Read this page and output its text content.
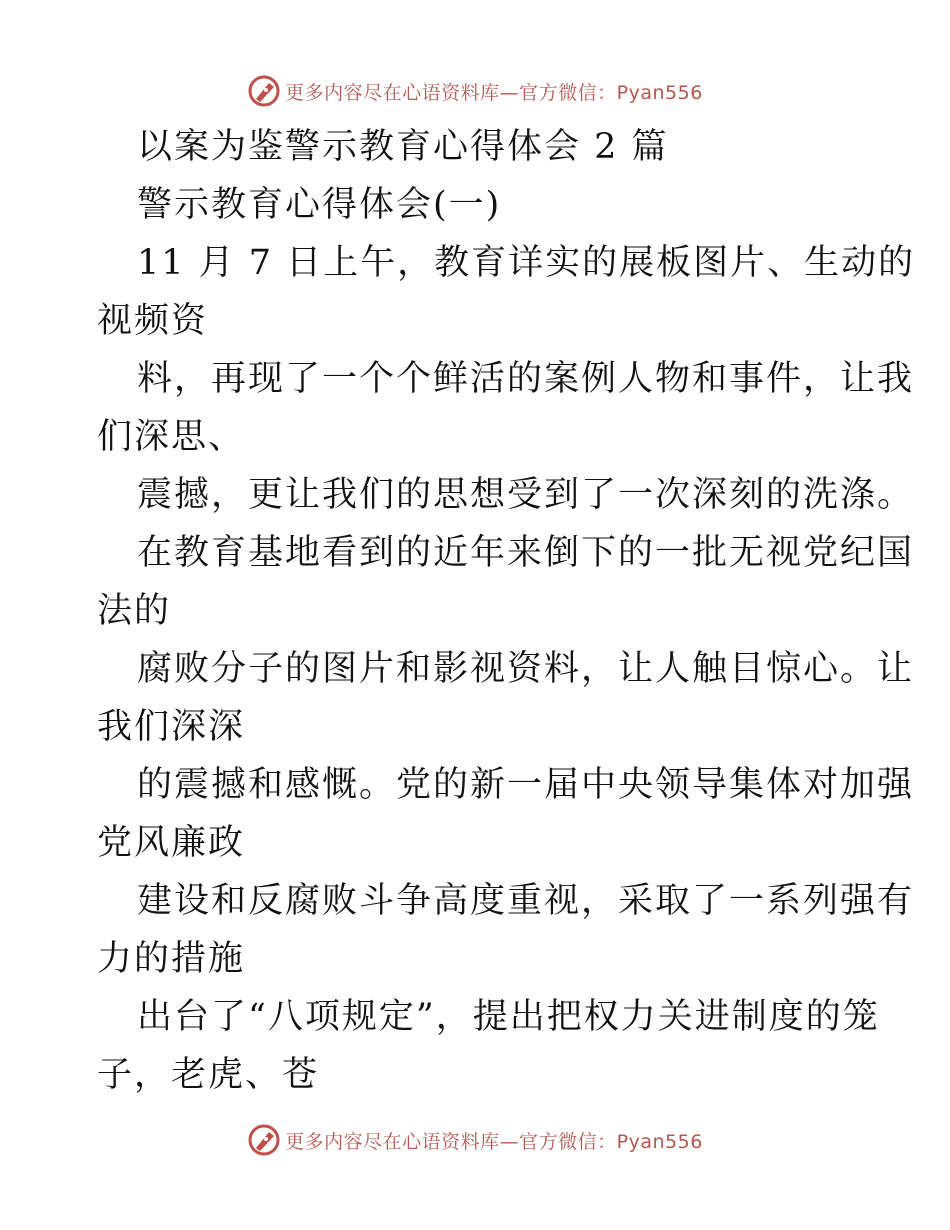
更多内容尽在心语资料库—官方微信：Pyan556
以案为鉴警示教育心得体会 2 篇
警示教育心得体会(一)
11 月 7 日上午，教育详实的展板图片、生动的
视频资
料，再现了一个个鲜活的案例人物和事件，让我
们深思、
震撼，更让我们的思想受到了一次深刻的洗涤。
在教育基地看到的近年来倒下的一批无视党纪国
法的
腐败分子的图片和影视资料，让人触目惊心。让
我们深深
的震撼和感慨。党的新一届中央领导集体对加强
党风廉政
建设和反腐败斗争高度重视，采取了一系列强有
力的措施
出台了“八项规定”，提出把权力关进制度的笼
子，老虎、苍
更多内容尽在心语资料库—官方微信：Pyan556
